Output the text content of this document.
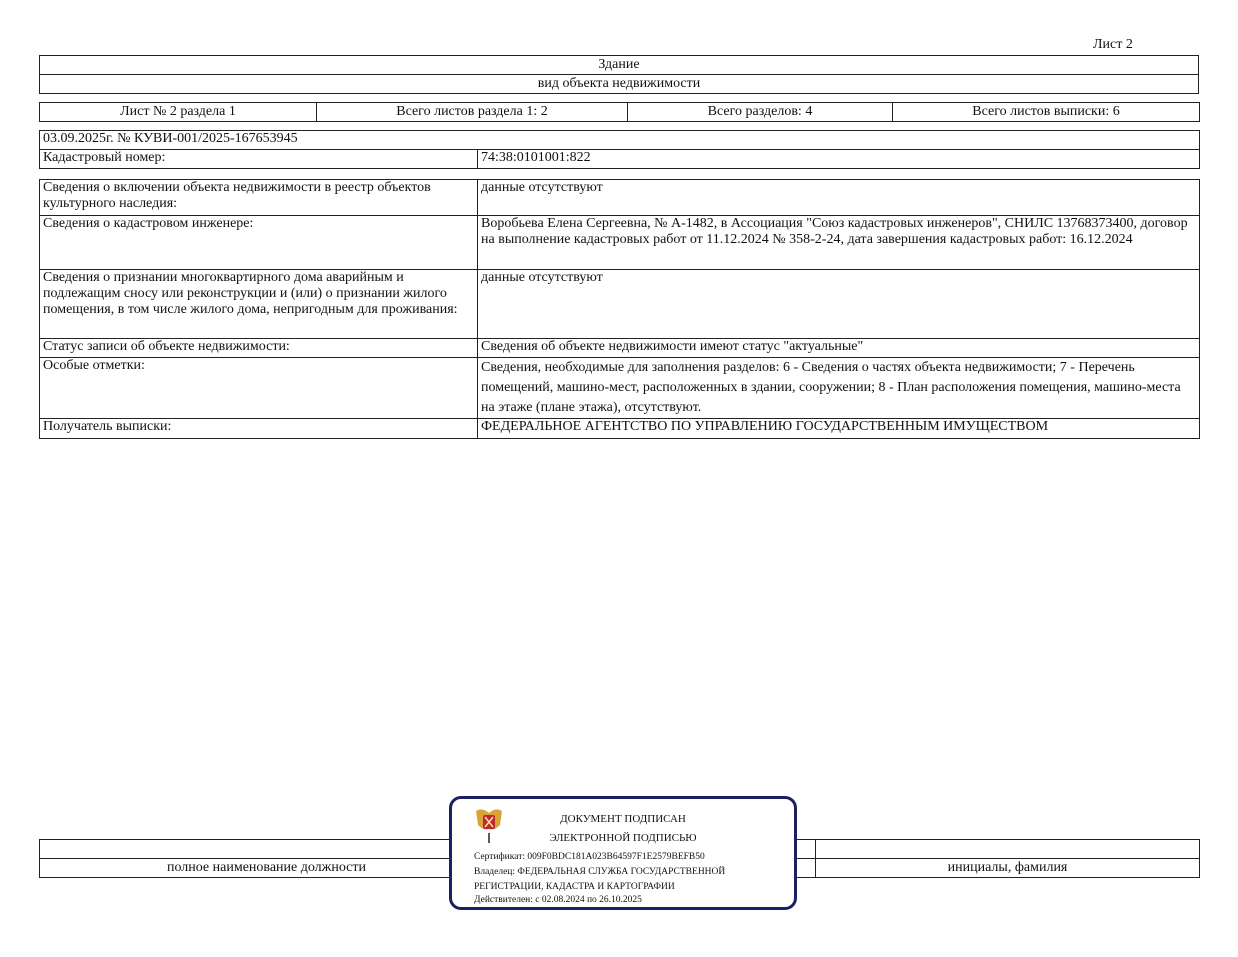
Лист 2
Здание
вид объекта недвижимости
Лист № 2 раздела 1	Всего листов раздела 1: 2	Всего разделов: 4	Всего листов выписки: 6
03.09.2025г. № КУВИ-001/2025-167653945
Кадастровый номер:	74:38:0101001:822
Сведения о включении объекта недвижимости в реестр объектов культурного наследия:	данные отсутствуют
Сведения о кадастровом инженере:	Воробьева Елена Сергеевна, № А-1482, в Ассоциация "Союз кадастровых инженеров", СНИЛС 13768373400, договор на выполнение кадастровых работ от 11.12.2024 № 358-2-24, дата завершения кадастровых работ: 16.12.2024
Сведения о признании многоквартирного дома аварийным и подлежащим сносу или реконструкции и (или) о признании жилого помещения, в том числе жилого дома, непригодным для проживания:	данные отсутствуют
Статус записи об объекте недвижимости:	Сведения об объекте недвижимости имеют статус "актуальные"
Особые отметки:	Сведения, необходимые для заполнения разделов: 6 - Сведения о частях объекта недвижимости; 7 - Перечень помещений, машино-мест, расположенных в здании, сооружении; 8 - План расположения помещения, машино-места на этаже (плане этажа), отсутствуют.
Получатель выписки:	ФЕДЕРАЛЬНОЕ АГЕНТСТВО ПО УПРАВЛЕНИЮ ГОСУДАРСТВЕННЫМ ИМУЩЕСТВОМ

полное наименование должности		инициалы, фамилия
ДОКУМЕНТ ПОДПИСАН
ЭЛЕКТРОННОЙ ПОДПИСЬЮ
Сертификат: 009F0BDC181A023B64597F1E2579BEFB50
Владелец: ФЕДЕРАЛЬНАЯ СЛУЖБА ГОСУДАРСТВЕННОЙ
РЕГИСТРАЦИИ, КАДАСТРА И КАРТОГРАФИИ
Действителен: с 02.08.2024 по 26.10.2025
